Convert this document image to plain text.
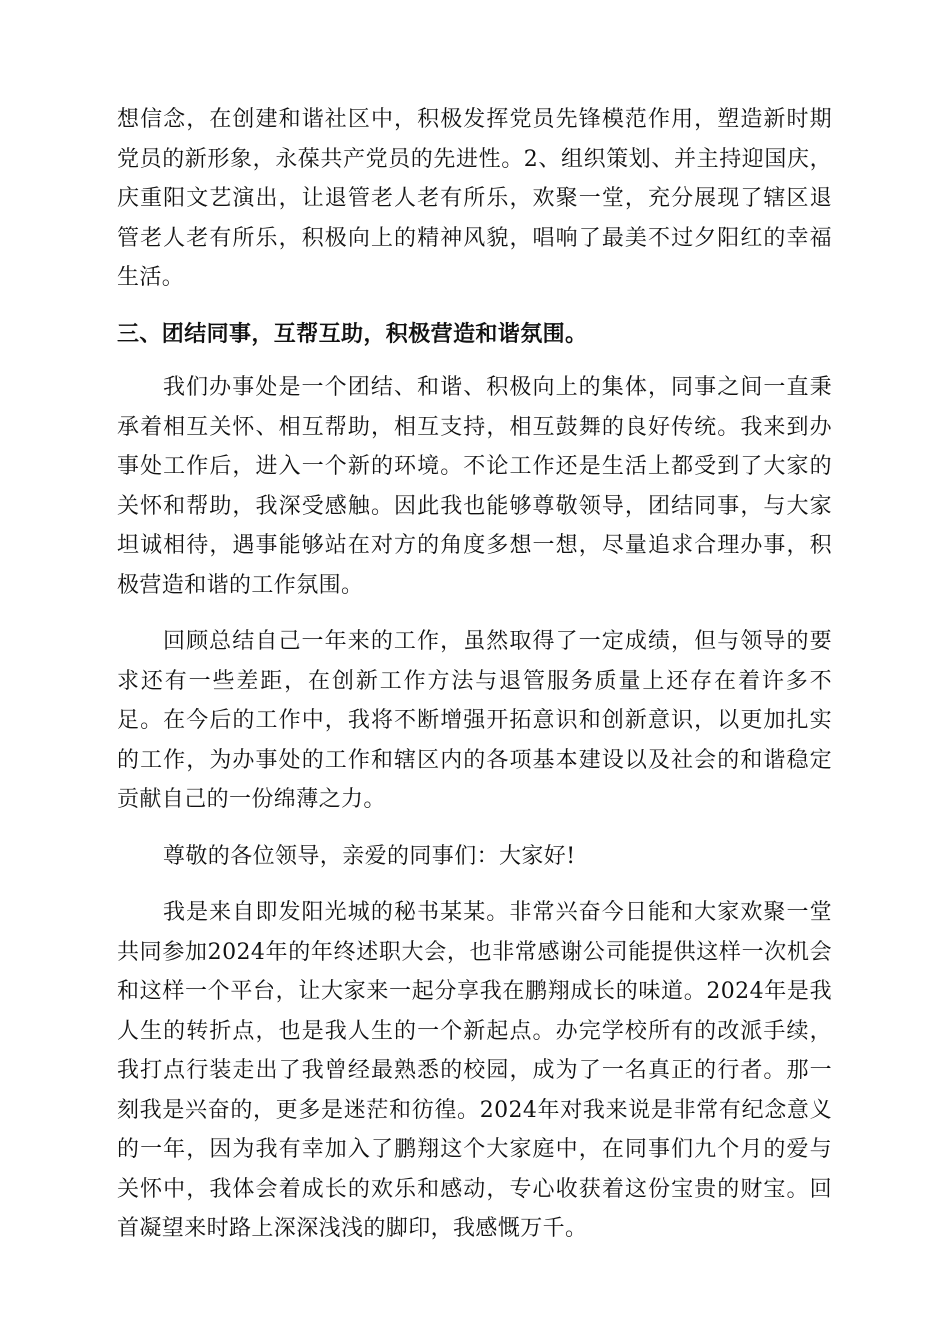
想信念，在创建和谐社区中，积极发挥党员先锋模范作用，塑造新时期党员的新形象，永葆共产党员的先进性。2、组织策划、并主持迎国庆，庆重阳文艺演出，让退管老人老有所乐，欢聚一堂，充分展现了辖区退管老人老有所乐，积极向上的精神风貌，唱响了最美不过夕阳红的幸福生活。

三、团结同事，互帮互助，积极营造和谐氛围。

我们办事处是一个团结、和谐、积极向上的集体，同事之间一直秉承着相互关怀、相互帮助，相互支持，相互鼓舞的良好传统。我来到办事处工作后，进入一个新的环境。不论工作还是生活上都受到了大家的关怀和帮助，我深受感触。因此我也能够尊敬领导，团结同事，与大家坦诚相待，遇事能够站在对方的角度多想一想，尽量追求合理办事，积极营造和谐的工作氛围。

回顾总结自己一年来的工作，虽然取得了一定成绩，但与领导的要求还有一些差距，在创新工作方法与退管服务质量上还存在着许多不足。在今后的工作中，我将不断增强开拓意识和创新意识，以更加扎实的工作，为办事处的工作和辖区内的各项基本建设以及社会的和谐稳定贡献自己的一份绵薄之力。

尊敬的各位领导，亲爱的同事们：大家好!

我是来自即发阳光城的秘书某某。非常兴奋今日能和大家欢聚一堂共同参加2024年的年终述职大会，也非常感谢公司能提供这样一次机会和这样一个平台，让大家来一起分享我在鹏翔成长的味道。2024年是我人生的转折点，也是我人生的一个新起点。办完学校所有的改派手续，我打点行装走出了我曾经最熟悉的校园，成为了一名真正的行者。那一刻我是兴奋的，更多是迷茫和彷徨。2024年对我来说是非常有纪念意义的一年，因为我有幸加入了鹏翔这个大家庭中，在同事们九个月的爱与关怀中，我体会着成长的欢乐和感动，专心收获着这份宝贵的财宝。回首凝望来时路上深深浅浅的脚印，我感慨万千。
